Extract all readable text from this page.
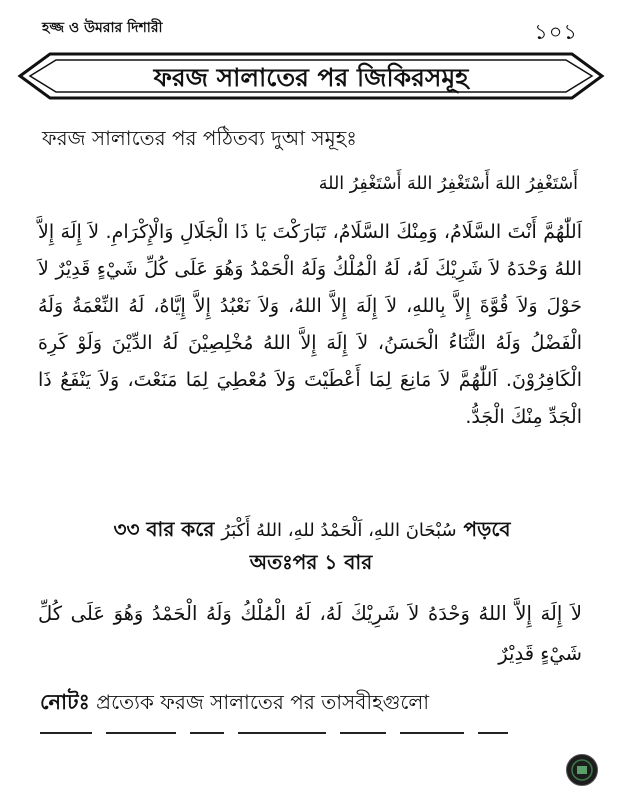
হজ্জ ও উমরার দিশারী	১০১
ফরজ সালাতের পর জিকিরসমূহ
ফরজ সালাতের পর পঠিতব্য দুআ সমূহঃ
أَسْتَغْفِرُ اللهَ أَسْتَغْفِرُ اللهَ أَسْتَغْفِرُ اللهَ
اَللّٰهُمَّ أَنْتَ السَّلَامُ، وَمِنْكَ السَّلَامُ، تَبَارَكْتَ يَا ذَا الْجَلَالِ وَالْإِكْرَامِ. لاَ إِلَهَ إِلاَّ اللهُ وَحْدَهُ لاَ شَرِيْكَ لَهُ، لَهُ الْمُلْكُ وَلَهُ الْحَمْدُ وَهُوَ عَلَى كُلِّ شَيْءٍ قَدِيْرٌ لاَ حَوْلَ وَلاَ قُوَّةَ إِلاَّ بِاللهِ، لاَ إِلَهَ إِلاَّ اللهُ، وَلاَ نَعْبُدُ إِلاَّ إِيَّاهُ، لَهُ النِّعْمَةُ وَلَهُ الْفَضْلُ وَلَهُ الثَّنَاءُ الْحَسَنُ، لاَ إِلَهَ إِلاَّ اللهُ مُخْلِصِيْنَ لَهُ الدِّيْنَ وَلَوْ كَرِهَ الْكَافِرُوْنَ. اَللّٰهُمَّ لاَ مَانِعَ لِمَا أَعْطَيْتَ وَلاَ مُعْطِيَ لِمَا مَنَعْتَ، وَلاَ يَنْفَعُ ذَا الْجَدِّ مِنْكَ الْجَدُّ.
৩৩ বার করে سُبْحَانَ اللهِ، اَلْحَمْدُ للهِ، اللهُ أَكْبَرُ পড়বে
অতঃপর ১ বার
لاَ إِلَهَ إِلاَّ اللهُ وَحْدَهُ لاَ شَرِيْكَ لَهُ، لَهُ الْمُلْكُ وَلَهُ الْحَمْدُ وَهُوَ عَلَى كُلِّ شَيْءٍ قَدِيْرٌ
নোটঃ প্রত্যেক ফরজ সালাতের পর তাসবীহগুলো
